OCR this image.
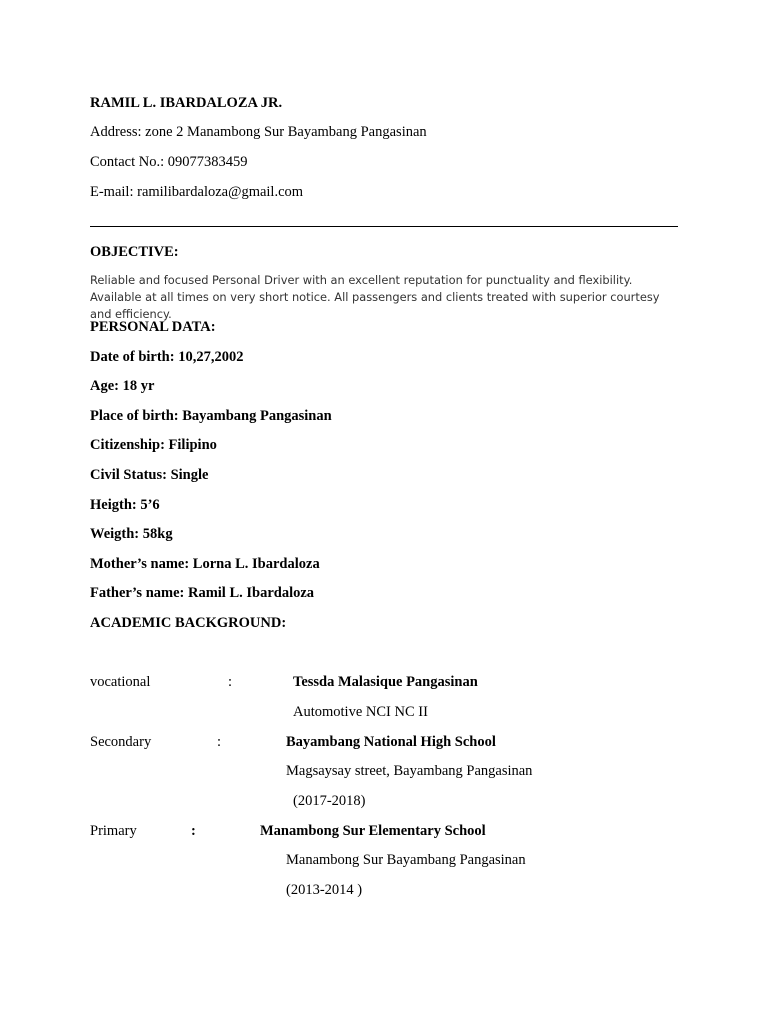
RAMIL L. IBARDALOZA JR.
Address: zone 2 Manambong Sur Bayambang Pangasinan
Contact No.: 09077383459
E-mail: ramilibardaloza@gmail.com
OBJECTIVE:
Reliable and focused Personal Driver with an excellent reputation for punctuality and flexibility. Available at all times on very short notice. All passengers and clients treated with superior courtesy and efficiency.
PERSONAL DATA:
Date of birth: 10,27,2002
Age: 18 yr
Place of birth: Bayambang Pangasinan
Citizenship: Filipino
Civil Status: Single
Heigth: 5’6
Weigth: 58kg
Mother’s name: Lorna L. Ibardaloza
Father’s name: Ramil L. Ibardaloza
ACADEMIC BACKGROUND:
vocational	:	Tessda Malasique Pangasinan
Automotive NCI NC II
Secondary	:	Bayambang National High School
Magsaysay street, Bayambang Pangasinan
(2017-2018)
Primary	:	Manambong Sur Elementary School
Manambong Sur Bayambang Pangasinan
(2013-2014 )
